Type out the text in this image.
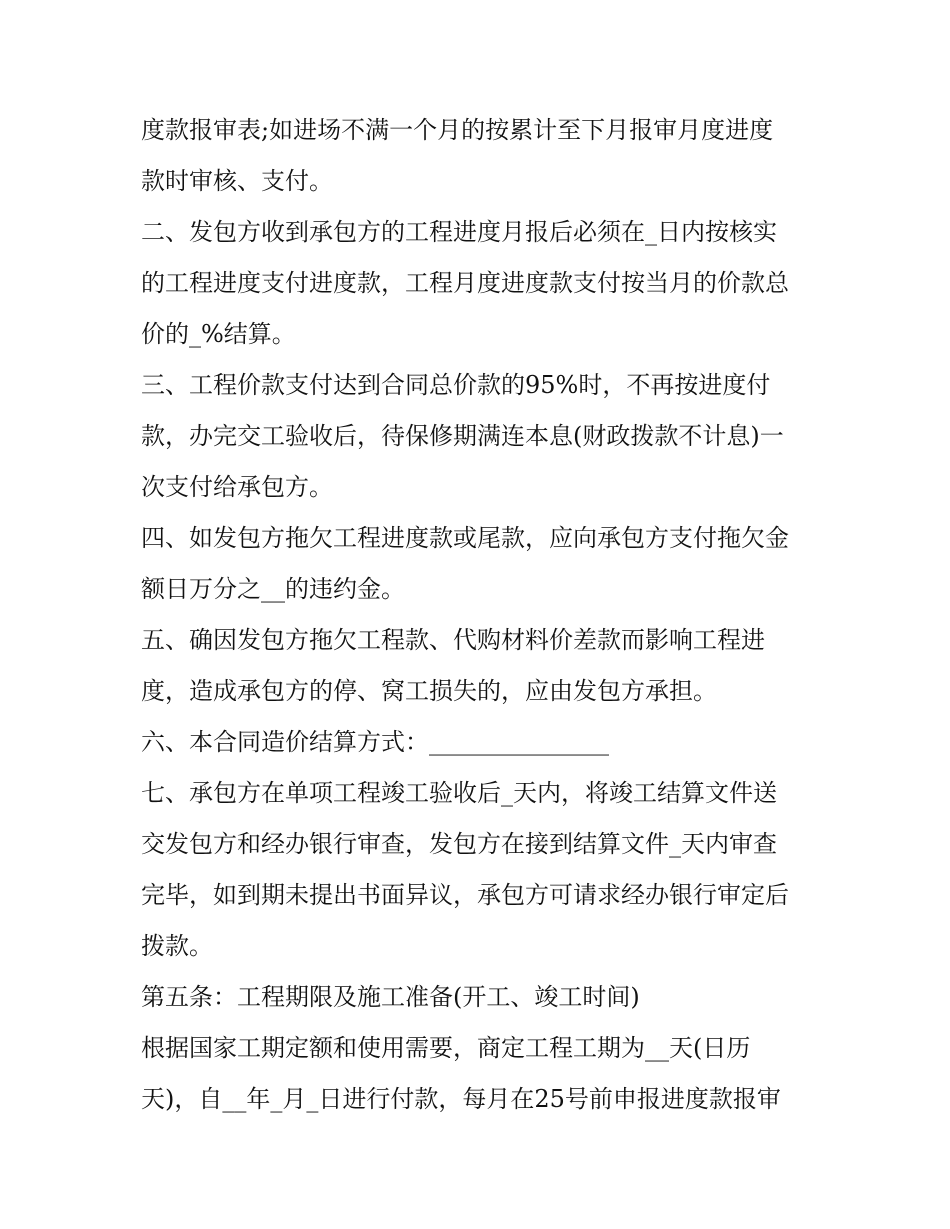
度款报审表;如进场不满一个月的按累计至下月报审月度进度
款时审核、支付。
二、发包方收到承包方的工程进度月报后必须在_日内按核实
的工程进度支付进度款，工程月度进度款支付按当月的价款总
价的_%结算。
三、工程价款支付达到合同总价款的95%时，不再按进度付
款，办完交工验收后，待保修期满连本息(财政拨款不计息)一
次支付给承包方。
四、如发包方拖欠工程进度款或尾款，应向承包方支付拖欠金
额日万分之__的违约金。
五、确因发包方拖欠工程款、代购材料价差款而影响工程进
度，造成承包方的停、窝工损失的，应由发包方承担。
六、本合同造价结算方式：_______________
七、承包方在单项工程竣工验收后_天内，将竣工结算文件送
交发包方和经办银行审查，发包方在接到结算文件_天内审查
完毕，如到期未提出书面异议，承包方可请求经办银行审定后
拨款。
第五条：工程期限及施工准备(开工、竣工时间)
根据国家工期定额和使用需要，商定工程工期为__天(日历
天)，自__年_月_日进行付款，每月在25号前申报进度款报审
